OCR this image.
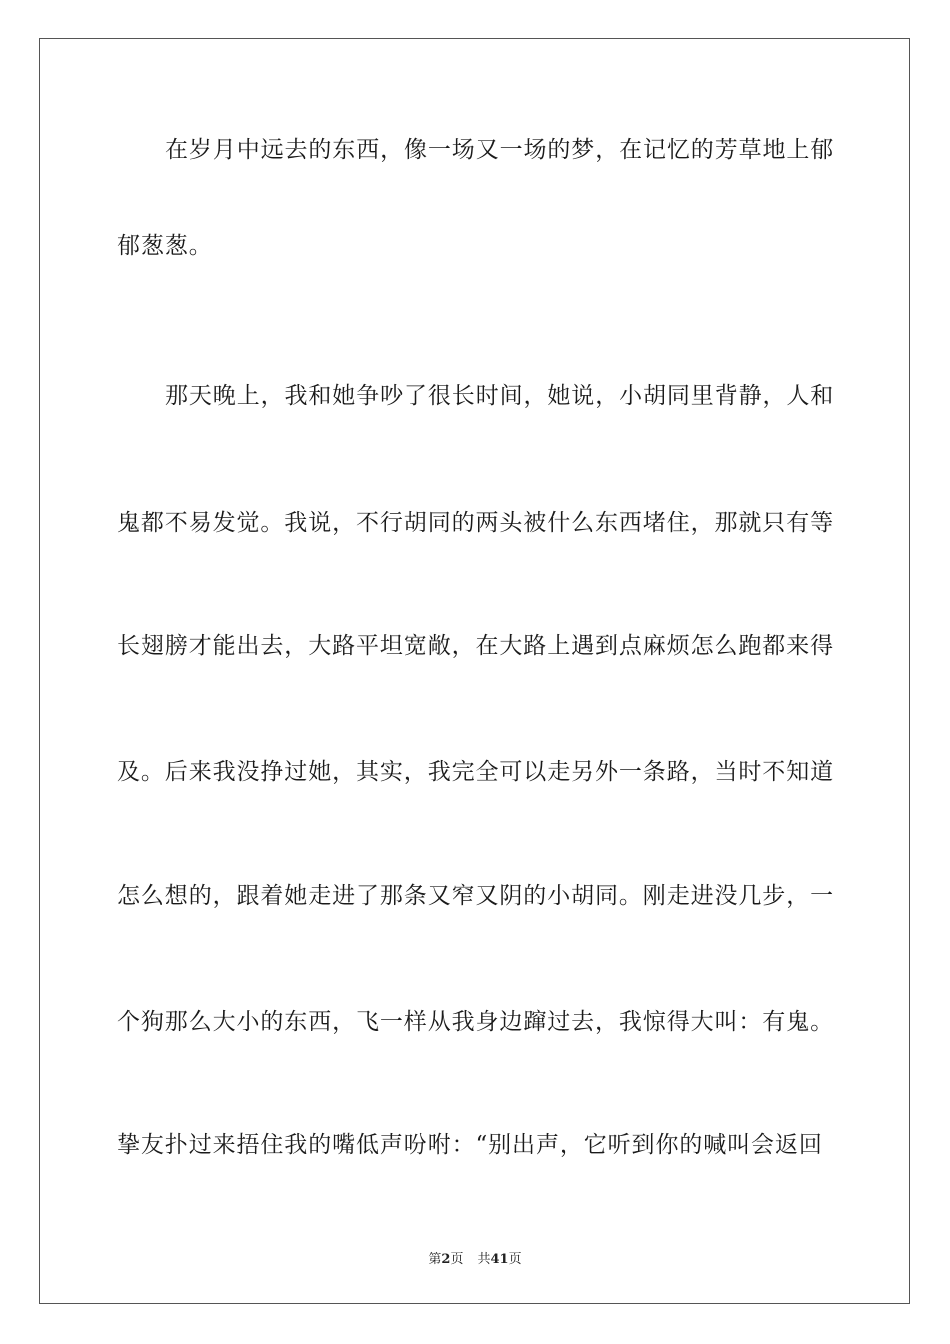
在岁月中远去的东西，像一场又一场的梦，在记忆的芳草地上郁
郁葱葱。
那天晚上，我和她争吵了很长时间，她说，小胡同里背静，人和
鬼都不易发觉。我说，不行胡同的两头被什么东西堵住，那就只有等
长翅膀才能出去，大路平坦宽敞，在大路上遇到点麻烦怎么跑都来得
及。后来我没挣过她，其实，我完全可以走另外一条路，当时不知道
怎么想的，跟着她走进了那条又窄又阴的小胡同。刚走进没几步，一
个狗那么大小的东西，飞一样从我身边蹿过去，我惊得大叫：有鬼。
挚友扑过来捂住我的嘴低声吩咐：“别出声，它听到你的喊叫会返回
第2页 共41页
